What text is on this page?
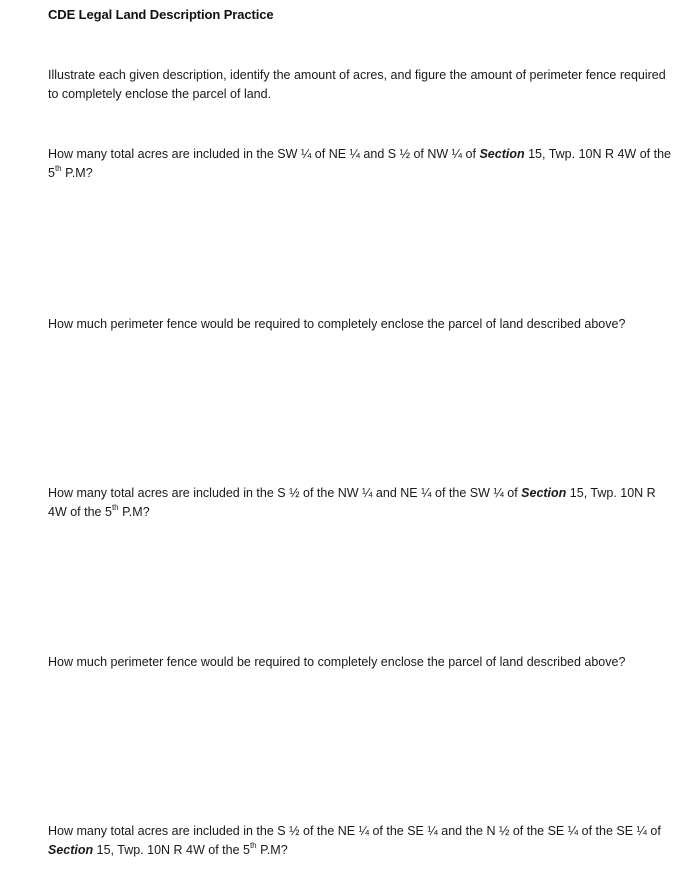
CDE Legal Land Description Practice
Illustrate each given description, identify the amount of acres, and figure the amount of perimeter fence required to completely enclose the parcel of land.
How many total acres are included in the SW ¼ of NE ¼ and S ½ of NW ¼ of Section 15, Twp. 10N R 4W of the 5th P.M?
How much perimeter fence would be required to completely enclose the parcel of land described above?
How many total acres are included in the S ½ of the NW ¼ and NE ¼ of the SW ¼ of Section 15, Twp. 10N R 4W of the 5th P.M?
How much perimeter fence would be required to completely enclose the parcel of land described above?
How many total acres are included in the S ½ of the NE ¼ of the SE ¼ and the N ½ of the SE ¼ of the SE ¼ of Section 15, Twp. 10N R 4W of the 5th P.M?
